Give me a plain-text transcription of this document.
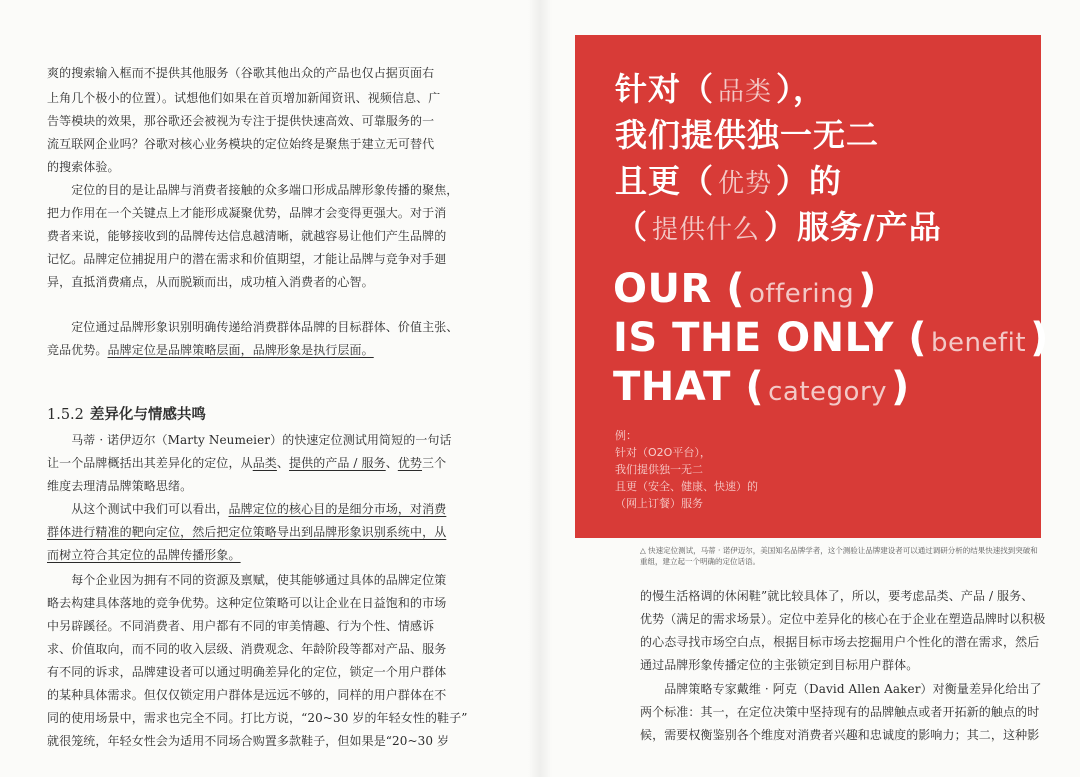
爽的搜索输入框而不提供其他服务（谷歌其他出众的产品也仅占据页面右
上角几个极小的位置）。试想他们如果在首页增加新闻资讯、视频信息、广
告等模块的效果，那谷歌还会被视为专注于提供快速高效、可靠服务的一
流互联网企业吗？谷歌对核心业务模块的定位始终是聚焦于建立无可替代
的搜索体验。
　　定位的目的是让品牌与消费者接触的众多端口形成品牌形象传播的聚焦，
把力作用在一个关键点上才能形成凝聚优势，品牌才会变得更强大。对于消
费者来说，能够接收到的品牌传达信息越清晰，就越容易让他们产生品牌的
记忆。品牌定位捕捉用户的潜在需求和价值期望，才能让品牌与竞争对手廻
异，直抵消费痛点，从而脱颖而出，成功植入消费者的心智。
　　定位通过品牌形象识别明确传递给消费群体品牌的目标群体、价值主张、
竞品优势。品牌定位是品牌策略层面，品牌形象是执行层面。
1.5.2 差异化与情感共鸣
　　马蒂 · 诺伊迈尔（Marty Neumeier）的快速定位测试用简短的一句话
让一个品牌概括出其差异化的定位，从品类、提供的产品 / 服务、优势三个
维度去理清品牌策略思绪。
　　从这个测试中我们可以看出，品牌定位的核心目的是细分市场，对消费
群体进行精准的靶向定位，然后把定位策略导出到品牌形象识别系统中，从
而树立符合其定位的品牌传播形象。
　　每个企业因为拥有不同的资源及禀赋，使其能够通过具体的品牌定位策
略去构建具体落地的竞争优势。这种定位策略可以让企业在日益饱和的市场
中另辟蹊径。不同消费者、用户都有不同的审美情趣、行为个性、情感诉
求、价值取向，而不同的收入层级、消费观念、年龄阶段等都对产品、服务
有不同的诉求，品牌建设者可以通过明确差异化的定位，锁定一个用户群体
的某种具体需求。但仅仅锁定用户群体是远远不够的，同样的用户群体在不
同的使用场景中，需求也完全不同。打比方说，“20~30 岁的年轻女性的鞋子”
就很笼统，年轻女性会为适用不同场合购置多款鞋子，但如果是“20~30 岁
针对（ 品类 ），
我们提供独一无二
且更（ 优势 ）的
（ 提供什么 ）服务/产品
OUR ( offering )
IS THE ONLY ( benefit )
THAT ( category )
例：
针对（O2O平台），
我们提供独一无二
且更（安全、健康、快速）的
（网上订餐）服务
△ 快速定位测试，马蒂 · 诺伊迈尔，美国知名品牌学者，这个测验让品牌建设者可以通过调研分析的结果快速找到突破和重组，建立起一个明确的定位话语。
的慢生活格调的休闲鞋”就比较具体了，所以，要考虑品类、产品 / 服务、
优势（满足的需求场景）。定位中差异化的核心在于企业在塑造品牌时以积极
的心态寻找市场空白点，根据目标市场去挖掘用户个性化的潜在需求，然后
通过品牌形象传播定位的主张锁定到目标用户群体。
　　品牌策略专家戴维 · 阿克（David Allen Aaker）对衡量差异化给出了
两个标准：其一，在定位决策中坚持现有的品牌触点或者开拓新的触点的时
候，需要权衡鉴别各个维度对消费者兴趣和忠诚度的影响力；其二，这种影
